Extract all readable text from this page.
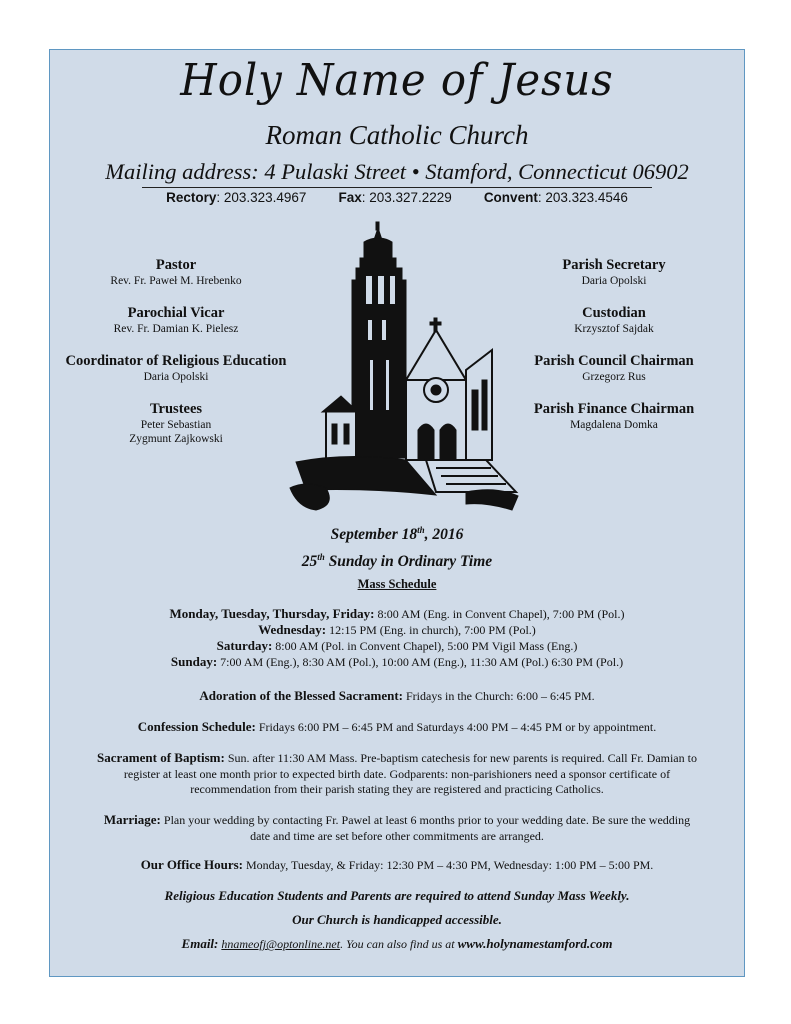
Holy Name of Jesus
Roman Catholic Church
Mailing address: 4 Pulaski Street • Stamford, Connecticut 06902
Rectory: 203.323.4967 Fax: 203.327.2229 Convent: 203.323.4546
Pastor
Rev. Fr. Paweł M. Hrebenko
Parochial Vicar
Rev. Fr. Damian K. Pielesz
Coordinator of Religious Education
Daria Opolski
Trustees
Peter Sebastian
Zygmunt Zajkowski
Parish Secretary
Daria Opolski
Custodian
Krzysztof Sajdak
Parish Council Chairman
Grzegorz Rus
Parish Finance Chairman
Magdalena Domka
September 18th, 2016
25th Sunday in Ordinary Time
Mass Schedule
Monday, Tuesday, Thursday, Friday: 8:00 AM (Eng. in Convent Chapel), 7:00 PM (Pol.)
Wednesday: 12:15 PM (Eng. in church), 7:00 PM (Pol.)
Saturday: 8:00 AM (Pol. in Convent Chapel), 5:00 PM Vigil Mass (Eng.)
Sunday: 7:00 AM (Eng.), 8:30 AM (Pol.), 10:00 AM (Eng.), 11:30 AM (Pol.) 6:30 PM (Pol.)
Adoration of the Blessed Sacrament: Fridays in the Church: 6:00 – 6:45 PM.
Confession Schedule: Fridays 6:00 PM – 6:45 PM and Saturdays 4:00 PM – 4:45 PM or by appointment.
Sacrament of Baptism: Sun. after 11:30 AM Mass. Pre-baptism catechesis for new parents is required. Call Fr. Damian to register at least one month prior to expected birth date. Godparents: non-parishioners need a sponsor certificate of recommendation from their parish stating they are registered and practicing Catholics.
Marriage: Plan your wedding by contacting Fr. Pawel at least 6 months prior to your wedding date. Be sure the wedding date and time are set before other commitments are arranged.
Our Office Hours: Monday, Tuesday, & Friday: 12:30 PM – 4:30 PM, Wednesday: 1:00 PM – 5:00 PM.
Religious Education Students and Parents are required to attend Sunday Mass Weekly.
Our Church is handicapped accessible.
Email: hnameofj@optonline.net. You can also find us at www.holynamestamford.com
